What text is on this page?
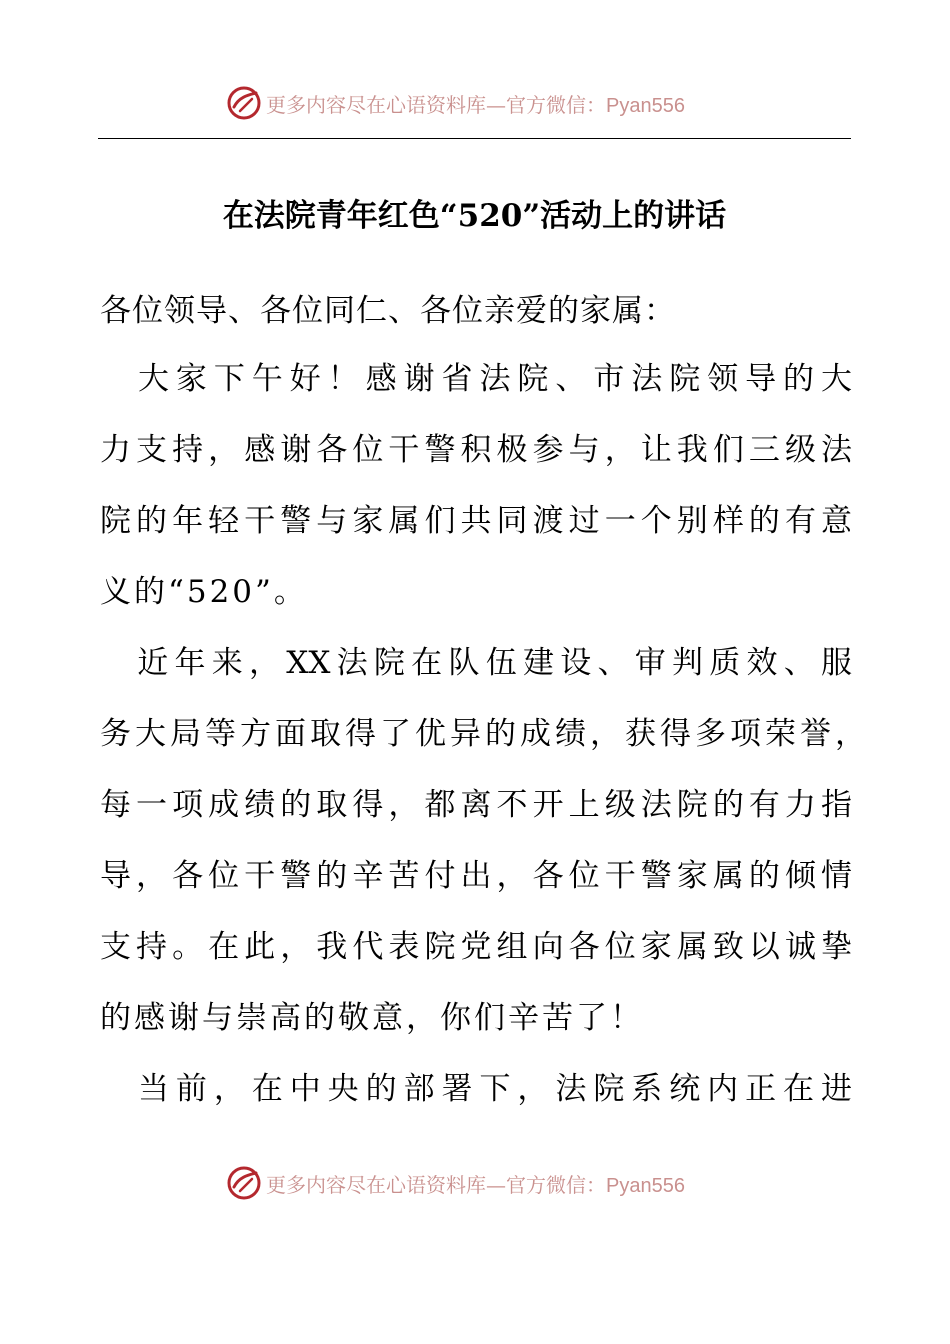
更多内容尽在心语资料库—官方微信：Pyan556
在法院青年红色“520”活动上的讲话
各位领导、各位同仁、各位亲爱的家属：
　大家下午好！感谢省法院、市法院领导的大
力支持，感谢各位干警积极参与，让我们三级法
院的年轻干警与家属们共同渡过一个别样的有意
义的“520”。
　近年来，XX法院在队伍建设、审判质效、服
务大局等方面取得了优异的成绩，获得多项荣誉，
每一项成绩的取得，都离不开上级法院的有力指
导，各位干警的辛苦付出，各位干警家属的倾情
支持。在此，我代表院党组向各位家属致以诚挚
的感谢与崇高的敬意，你们辛苦了！
　当前，在中央的部署下，法院系统内正在进
更多内容尽在心语资料库—官方微信：Pyan556
